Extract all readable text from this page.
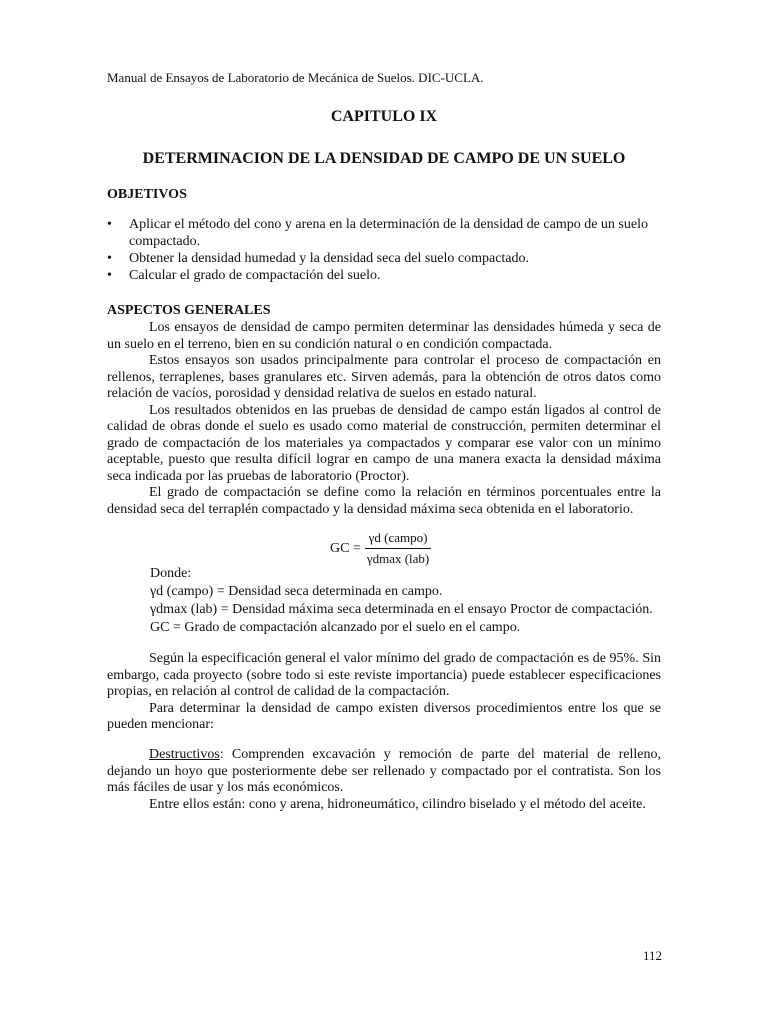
Manual de Ensayos de Laboratorio de Mecánica de Suelos. DIC-UCLA.
CAPITULO IX
DETERMINACION DE LA DENSIDAD DE CAMPO DE UN SUELO
OBJETIVOS
• Aplicar el método del cono y arena en la determinación de la densidad de campo de un suelo compactado.
• Obtener la densidad humedad y la densidad seca del suelo compactado.
• Calcular el grado de compactación del suelo.
ASPECTOS GENERALES

Los ensayos de densidad de campo permiten determinar las densidades húmeda y seca de un suelo en el terreno, bien en su condición natural o en condición compactada.

Estos ensayos son usados principalmente para controlar el proceso de compactación en rellenos, terraplenes, bases granulares etc. Sirven además, para la obtención de otros datos como relación de vacíos, porosidad y densidad relativa de suelos en estado natural.

Los resultados obtenidos en las pruebas de densidad de campo están ligados al control de calidad de obras donde el suelo es usado como material de construcción, permiten determinar el grado de compactación de los materiales ya compactados y comparar ese valor con un mínimo aceptable, puesto que resulta difícil lograr en campo de una manera exacta la densidad máxima seca indicada por las pruebas de laboratorio (Proctor).

El grado de compactación se define como la relación en términos porcentuales entre la densidad seca del terraplén compactado y la densidad máxima seca obtenida en el laboratorio.

GC = $\frac{\text{γd (campo)}}{\text{γdmax (lab)}}$
Donde:
γd (campo) = Densidad seca determinada en campo.
γdmax (lab) = Densidad máxima seca determinada en el ensayo Proctor de compactación.
GC = Grado de compactación alcanzado por el suelo en el campo.

Según la especificación general el valor mínimo del grado de compactación es de 95%. Sin embargo, cada proyecto (sobre todo si este reviste importancia) puede establecer especificaciones propias, en relación al control de calidad de la compactación.

Para determinar la densidad de campo existen diversos procedimientos entre los que se pueden mencionar:

Destructivos: Comprenden excavación y remoción de parte del material de relleno, dejando un hoyo que posteriormente debe ser rellenado y compactado por el contratista. Son los más fáciles de usar y los más económicos.

Entre ellos están: cono y arena, hidroneumático, cilindro biselado y el método del aceite.

112
